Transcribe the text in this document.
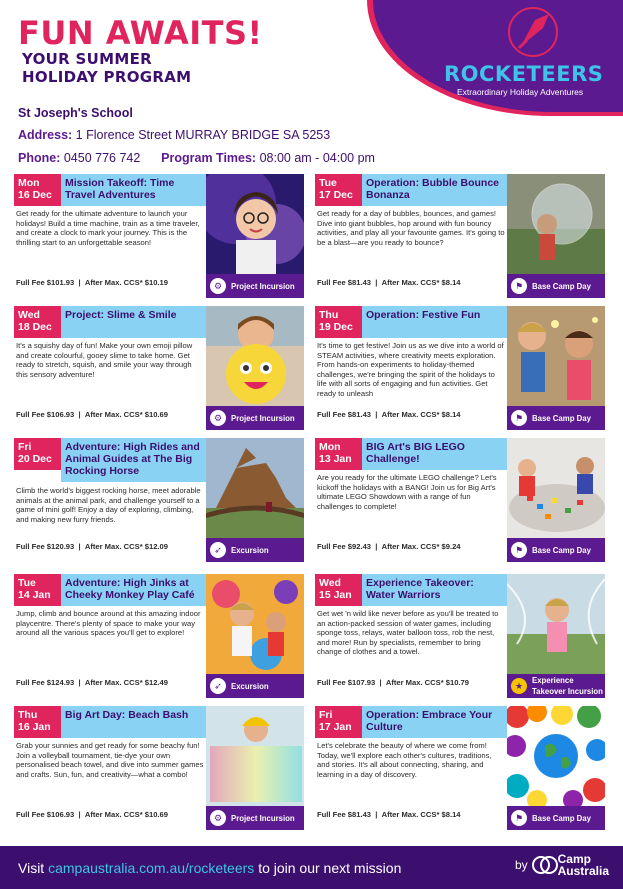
FUN AWAITS!
YOUR SUMMER
HOLIDAY PROGRAM	ROCKETEERS
Extraordinary Holiday Adventures
St Joseph's School
Address: 1 Florence Street MURRAY BRIDGE SA 5253
Phone: 0450 776 742 Program Times: 08:00 am - 04:00 pm
Mon
16 Dec
Mission Takeoff: Time Travel Adventures
Get ready for the ultimate adventure to launch your holidays! Build a time machine, train as a time traveler, and create a clock to mark your journey. This is the thrilling start to an unforgettable season!
Full Fee $101.93  |  After Max. CCS* $10.19	⚙	Project Incursion
Tue
17 Dec
Operation: Bubble Bounce Bonanza
Get ready for a day of bubbles, bounces, and games! Dive into giant bubbles, hop around with fun bouncy activities, and play all your favourite games. It's going to be a blast—are you ready to bounce?
Full Fee $81.43  |  After Max. CCS* $8.14	⚑	Base Camp Day
Wed
18 Dec
Project: Slime & Smile
It's a squishy day of fun! Make your own emoji pillow and create colourful, gooey slime to take home. Get ready to stretch, squish, and smile your way through this sensory adventure!
Full Fee $106.93  |  After Max. CCS* $10.69	⚙	Project Incursion
Thu
19 Dec
Operation: Festive Fun
It's time to get festive! Join us as we dive into a world of STEAM activities, where creativity meets exploration. From hands-on experiments to holiday-themed challenges, we're bringing the spirit of the holidays to life with all sorts of engaging and fun activities. Get ready to unleash
Full Fee $81.43  |  After Max. CCS* $8.14	⚑	Base Camp Day
Fri
20 Dec
Adventure: High Rides and Animal Guides at The Big Rocking Horse
Climb the world's biggest rocking horse, meet adorable animals at the animal park, and challenge yourself to a game of mini golf! Enjoy a day of exploring, climbing, and making new furry friends.
Full Fee $120.93  |  After Max. CCS* $12.09	➶	Excursion
Mon
13 Jan
BIG Art's BIG LEGO Challenge!
Are you ready for the ultimate LEGO challenge? Let's kickoff the holidays with a BANG! Join us for Big Art's ultimate LEGO Showdown with a range of fun challenges to complete!
Full Fee $92.43  |  After Max. CCS* $9.24	⚑	Base Camp Day
Tue
14 Jan
Adventure: High Jinks at Cheeky Monkey Play Café
Jump, climb and bounce around at this amazing indoor playcentre. There's plenty of space to make your way around all the various spaces you'll get to explore!
Full Fee $124.93  |  After Max. CCS* $12.49	➶	Excursion
Wed
15 Jan
Experience Takeover: Water Warriors
Get wet 'n wild like never before as you'll be treated to an action-packed session of water games, including sponge toss, relays, water balloon toss, rob the nest, and more! Run by specialists, remember to bring change of clothes and a towel.
Full Fee $107.93  |  After Max. CCS* $10.79	★	Experience
Takeover Incursion
Thu
16 Jan
Big Art Day: Beach Bash
Grab your sunnies and get ready for some beachy fun! Join a volleyball tournament, tie-dye your own personalised beach towel, and dive into summer games and crafts. Sun, fun, and creativity—what a combo!
Full Fee $106.93  |  After Max. CCS* $10.69	⚙	Project Incursion
Fri
17 Jan
Operation: Embrace Your Culture
Let's celebrate the beauty of where we come from! Today, we'll explore each other's cultures, traditions, and stories. It's all about connecting, sharing, and learning in a day of discovery.
Full Fee $81.43  |  After Max. CCS* $8.14	⚑	Base Camp Day
Visit campaustralia.com.au/rocketeers to join our next mission	by	Camp
Australia
